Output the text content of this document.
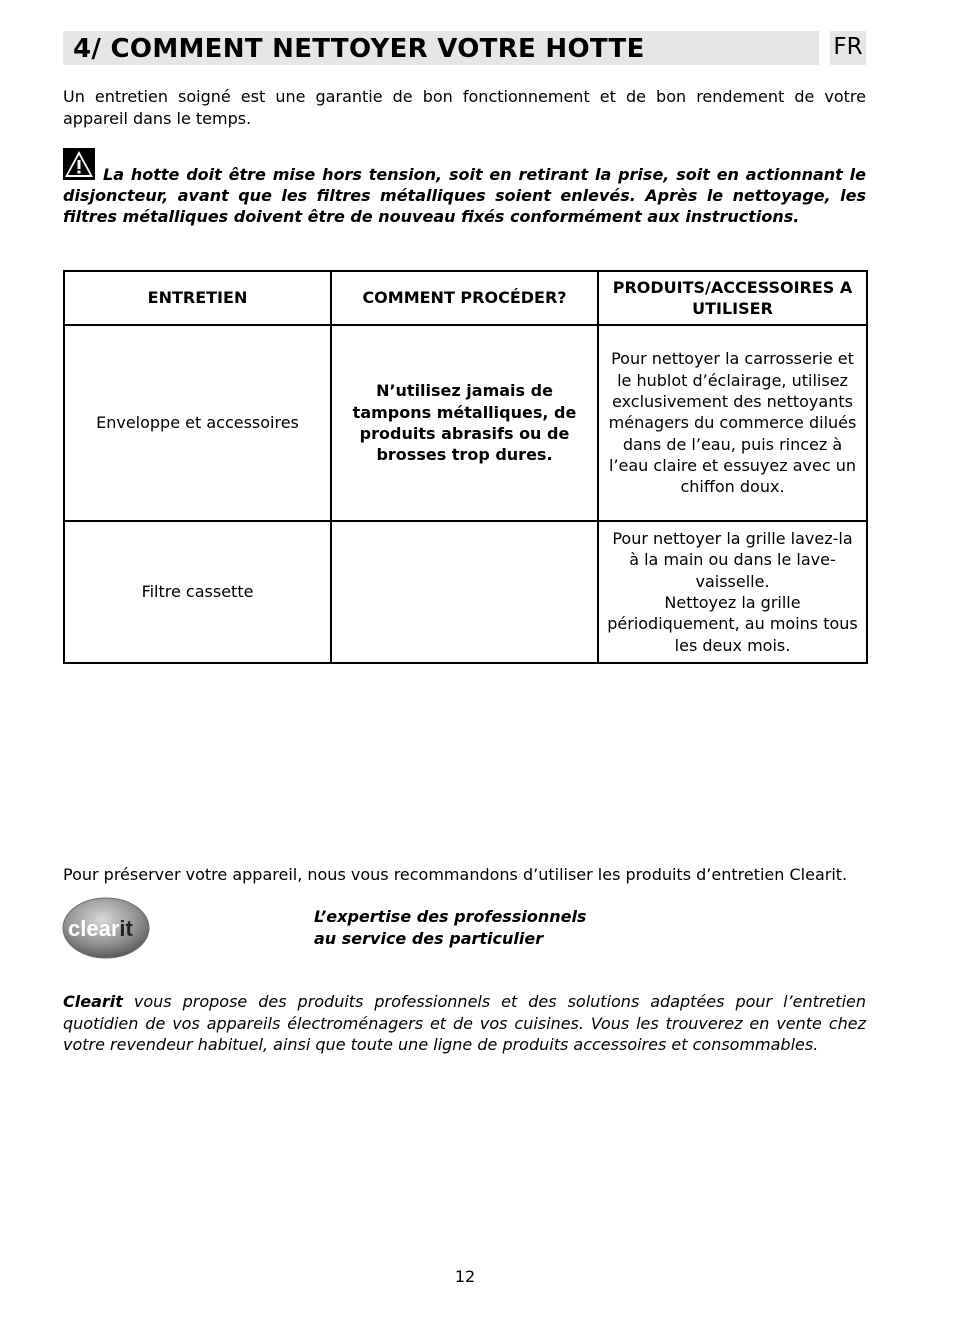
4/ COMMENT NETTOYER VOTRE HOTTE	FR

Un entretien soigné est une garantie de bon fonctionnement et de bon rendement de votre appareil dans le temps.

La hotte doit être mise hors tension, soit en retirant la prise, soit en actionnant le disjoncteur, avant que les filtres métalliques soient enlevés. Après le nettoyage, les filtres métalliques doivent être de nouveau fixés conformément aux instructions.

ENTRETIEN	COMMENT PROCÉDER?	PRODUITS/ACCESSOIRES A UTILISER
Enveloppe et accessoires	N’utilisez jamais de tampons métalliques, de produits abrasifs ou de brosses trop dures.	Pour nettoyer la carrosserie et le hublot d’éclairage, utilisez exclusivement des nettoyants ménagers du commerce dilués dans de l’eau, puis rincez à l’eau claire et essuyez avec un chiffon doux.
Filtre cassette		Pour nettoyer la grille lavez-la à la main ou dans le lave-vaisselle.
Nettoyez la grille périodiquement, au moins tous les deux mois.

Pour préserver votre appareil, nous vous recommandons d’utiliser les produits d’entretien Clearit.

clearit	L’expertise des professionnels
au service des particulier

Clearit vous propose des produits professionnels et des solutions adaptées pour l’entretien quotidien de vos appareils électroménagers et de vos cuisines. Vous les trouverez en vente chez votre revendeur habituel, ainsi que toute une ligne de produits accessoires et consommables.

12
